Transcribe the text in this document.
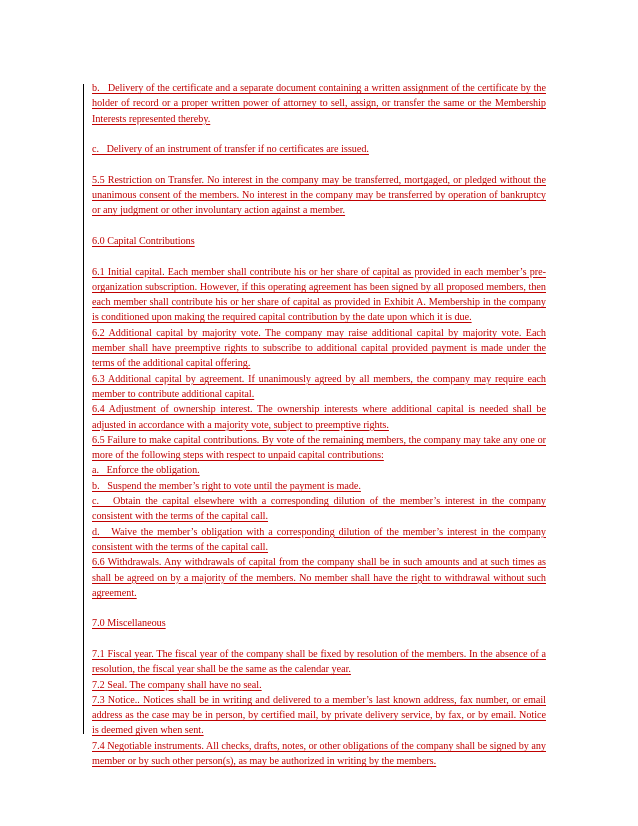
b.   Delivery of the certificate and a separate document containing a written assignment of the certificate by the holder of record or a proper written power of attorney to sell, assign, or transfer the same or the Membership Interests represented thereby.

c.   Delivery of an instrument of transfer if no certificates are issued.

5.5 Restriction on Transfer. No interest in the company may be transferred, mortgaged, or pledged without the unanimous consent of the members. No interest in the company may be transferred by operation of bankruptcy or any judgment or other involuntary action against a member.

6.0 Capital Contributions

6.1 Initial capital. Each member shall contribute his or her share of capital as provided in each member’s pre-organization subscription. However, if this operating agreement has been signed by all proposed members, then each member shall contribute his or her share of capital as provided in Exhibit A. Membership in the company is conditioned upon making the required capital contribution by the date upon which it is due.

6.2 Additional capital by majority vote. The company may raise additional capital by majority vote. Each member shall have preemptive rights to subscribe to additional capital provided payment is made under the terms of the additional capital offering.

6.3 Additional capital by agreement. If unanimously agreed by all members, the company may require each member to contribute additional capital.

6.4 Adjustment of ownership interest. The ownership interests where additional capital is needed shall be adjusted in accordance with a majority vote, subject to preemptive rights.

6.5 Failure to make capital contributions. By vote of the remaining members, the company may take any one or more of the following steps with respect to unpaid capital contributions:

a.   Enforce the obligation.

b.   Suspend the member’s right to vote until the payment is made.

c.   Obtain the capital elsewhere with a corresponding dilution of the member’s interest in the company consistent with the terms of the capital call.

d.   Waive the member’s obligation with a corresponding dilution of the member’s interest in the company consistent with the terms of the capital call.

6.6 Withdrawals. Any withdrawals of capital from the company shall be in such amounts and at such times as shall be agreed on by a majority of the members. No member shall have the right to withdrawal without such agreement.

7.0 Miscellaneous

7.1 Fiscal year. The fiscal year of the company shall be fixed by resolution of the members. In the absence of a resolution, the fiscal year shall be the same as the calendar year.

7.2 Seal. The company shall have no seal.

7.3 Notice.. Notices shall be in writing and delivered to a member’s last known address, fax number, or email address as the case may be in person, by certified mail, by private delivery service, by fax, or by email. Notice is deemed given when sent.

7.4 Negotiable instruments. All checks, drafts, notes, or other obligations of the company shall be signed by any member or by such other person(s), as may be authorized in writing by the members.
